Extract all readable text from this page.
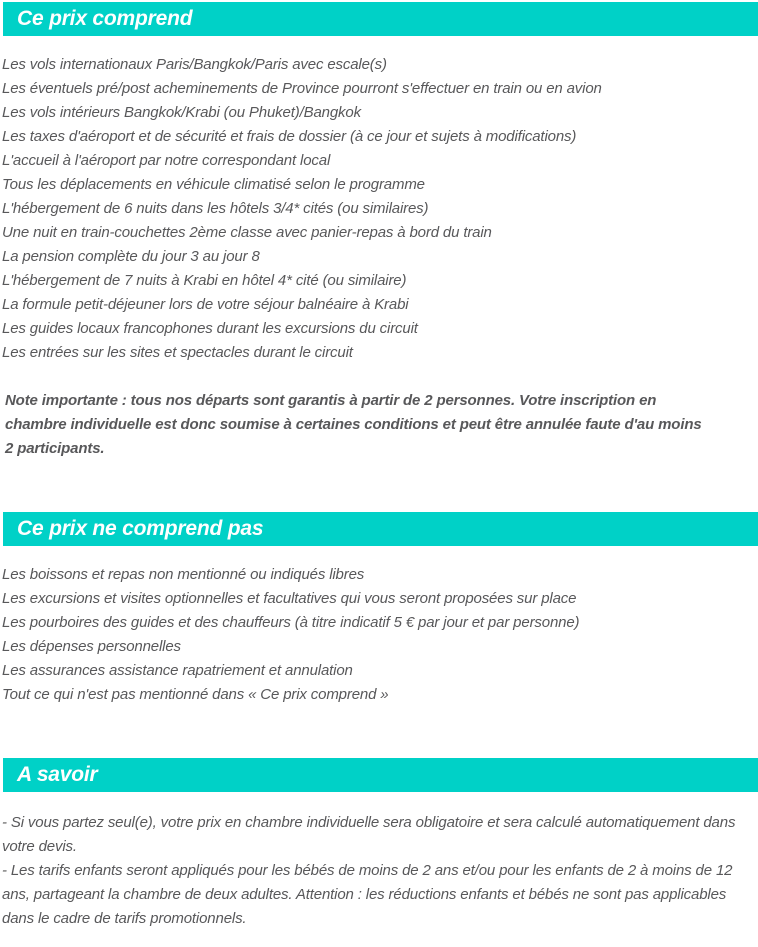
Ce prix comprend

Les vols internationaux Paris/Bangkok/Paris avec escale(s)

Les éventuels pré/post acheminements de Province pourront s'effectuer en train ou en avion

Les vols intérieurs Bangkok/Krabi (ou Phuket)/Bangkok

Les taxes d'aéroport et de sécurité et frais de dossier (à ce jour et sujets à modifications)

L'accueil à l'aéroport par notre correspondant local

Tous les déplacements en véhicule climatisé selon le programme

L'hébergement de 6 nuits dans les hôtels 3/4* cités (ou similaires)

Une nuit en train-couchettes 2ème classe avec panier-repas à bord du train

La pension complète du jour 3 au jour 8

L'hébergement de 7 nuits à Krabi en hôtel 4* cité (ou similaire)

La formule petit-déjeuner lors de votre séjour balnéaire à Krabi

Les guides locaux francophones durant les excursions du circuit

Les entrées sur les sites et spectacles durant le circuit

Note importante : tous nos départs sont garantis à partir de 2 personnes. Votre inscription en chambre individuelle est donc soumise à certaines conditions et peut être annulée faute d'au moins 2 participants.

Ce prix ne comprend pas

Les boissons et repas non mentionné ou indiqués libres

Les excursions et visites optionnelles et facultatives qui vous seront proposées sur place

Les pourboires des guides et des chauffeurs (à titre indicatif 5 € par jour et par personne)

Les dépenses personnelles

Les assurances assistance rapatriement et annulation

Tout ce qui n'est pas mentionné dans « Ce prix comprend »

A savoir

- Si vous partez seul(e), votre prix en chambre individuelle sera obligatoire et sera calculé automatiquement dans votre devis.

- Les tarifs enfants seront appliqués pour les bébés de moins de 2 ans et/ou pour les enfants de 2 à moins de 12 ans, partageant la chambre de deux adultes. Attention : les réductions enfants et bébés ne sont pas applicables dans le cadre de tarifs promotionnels.
